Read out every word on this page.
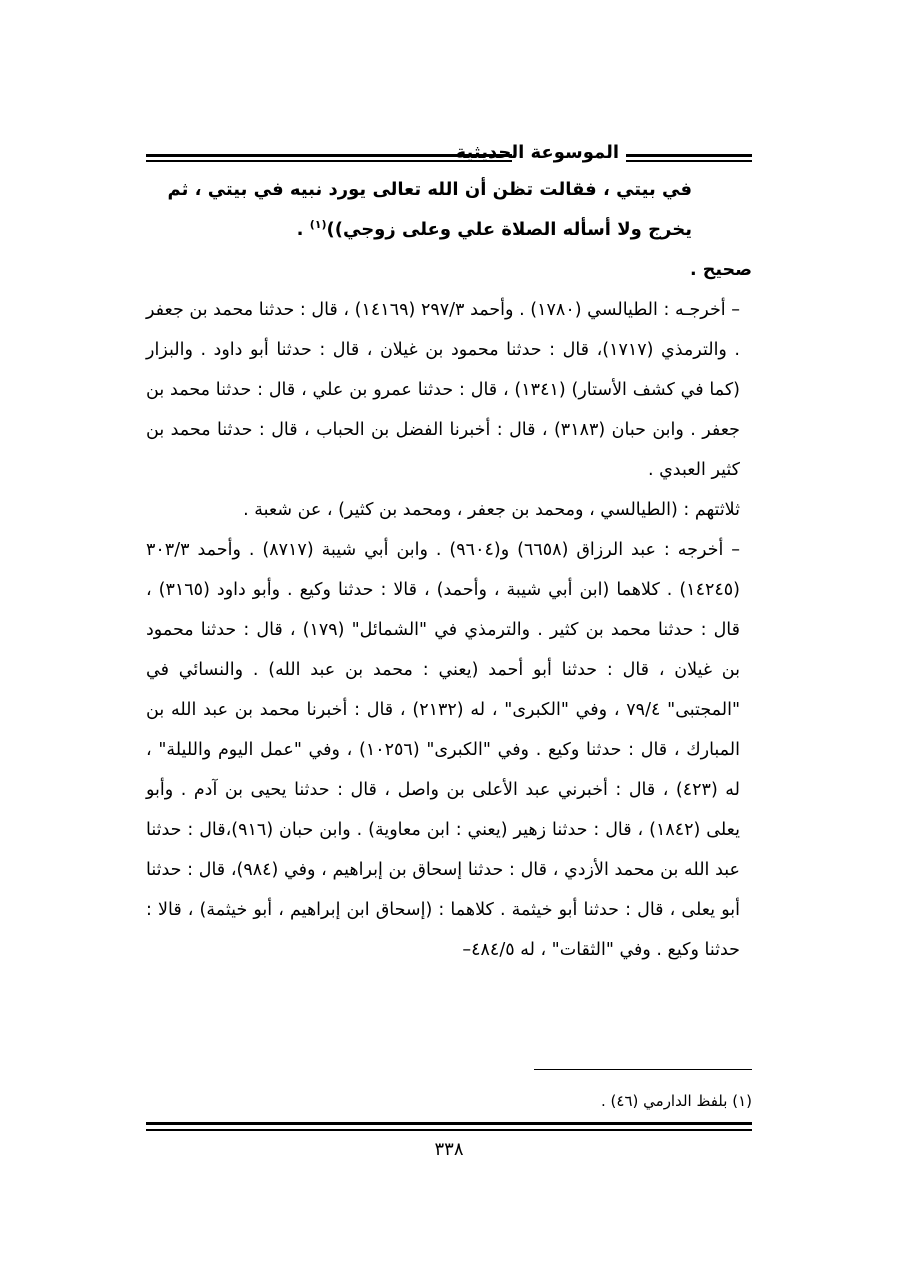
الموسوعة الحديثية

في بيتي ، فقالت تظن أن الله تعالى يورد نبيه في بيتي ، ثم
يخرج ولا أسأله الصلاة علي وعلى زوجي))$^{(١)}$ .

صحيح .

– أخرجـه : الطيالسي (١٧٨٠) . وأحمد ٢٩٧/٣ (١٤١٦٩) ، قال : حدثنا محمد بن جعفر . والترمذي (١٧١٧)، قال : حدثنا محمود بن غيلان ، قال : حدثنا أبو داود . والبزار (كما في كشف الأستار) (١٣٤١) ، قال : حدثنا عمرو بن علي ، قال : حدثنا محمد بن جعفر . وابن حبان (٣١٨٣) ، قال : أخبرنا الفضل بن الحباب ، قال : حدثنا محمد بن كثير العبدي .

ثلاثتهم : (الطيالسي ، ومحمد بن جعفر ، ومحمد بن كثير) ، عن شعبة .

– أخرجه : عبد الرزاق (٦٦٥٨) و(٩٦٠٤) . وابن أبي شيبة (٨٧١٧) . وأحمد ٣٠٣/٣ (١٤٢٤٥) . كلاهما (ابن أبي شيبة ، وأحمد) ، قالا : حدثنا وكيع . وأبو داود (٣١٦٥) ، قال : حدثنا محمد بن كثير . والترمذي في "الشمائل" (١٧٩) ، قال : حدثنا محمود بن غيلان ، قال : حدثنا أبو أحمد (يعني : محمد بن عبد الله) . والنسائي في "المجتبى" ٧٩/٤ ، وفي "الكبرى" ، له (٢١٣٢) ، قال : أخبرنا محمد بن عبد الله بن المبارك ، قال : حدثنا وكيع . وفي "الكبرى" (١٠٢٥٦) ، وفي "عمل اليوم والليلة" ، له (٤٢٣) ، قال : أخبرني عبد الأعلى بن واصل ، قال : حدثنا يحيى بن آدم . وأبو يعلى (١٨٤٢) ، قال : حدثنا زهير (يعني : ابن معاوية) . وابن حبان (٩١٦)،قال : حدثنا عبد الله بن محمد الأزدي ، قال : حدثنا إسحاق بن إبراهيم ، وفي (٩٨٤)، قال : حدثنا أبو يعلى ، قال : حدثنا أبو خيثمة . كلاهما : (إسحاق ابن إبراهيم ، أبو خيثمة) ، قالا : حدثنا وكيع . وفي "الثقات" ، له ٤٨٤/٥–

(١) بلفظ الدارمي (٤٦) .
٣٣٨
